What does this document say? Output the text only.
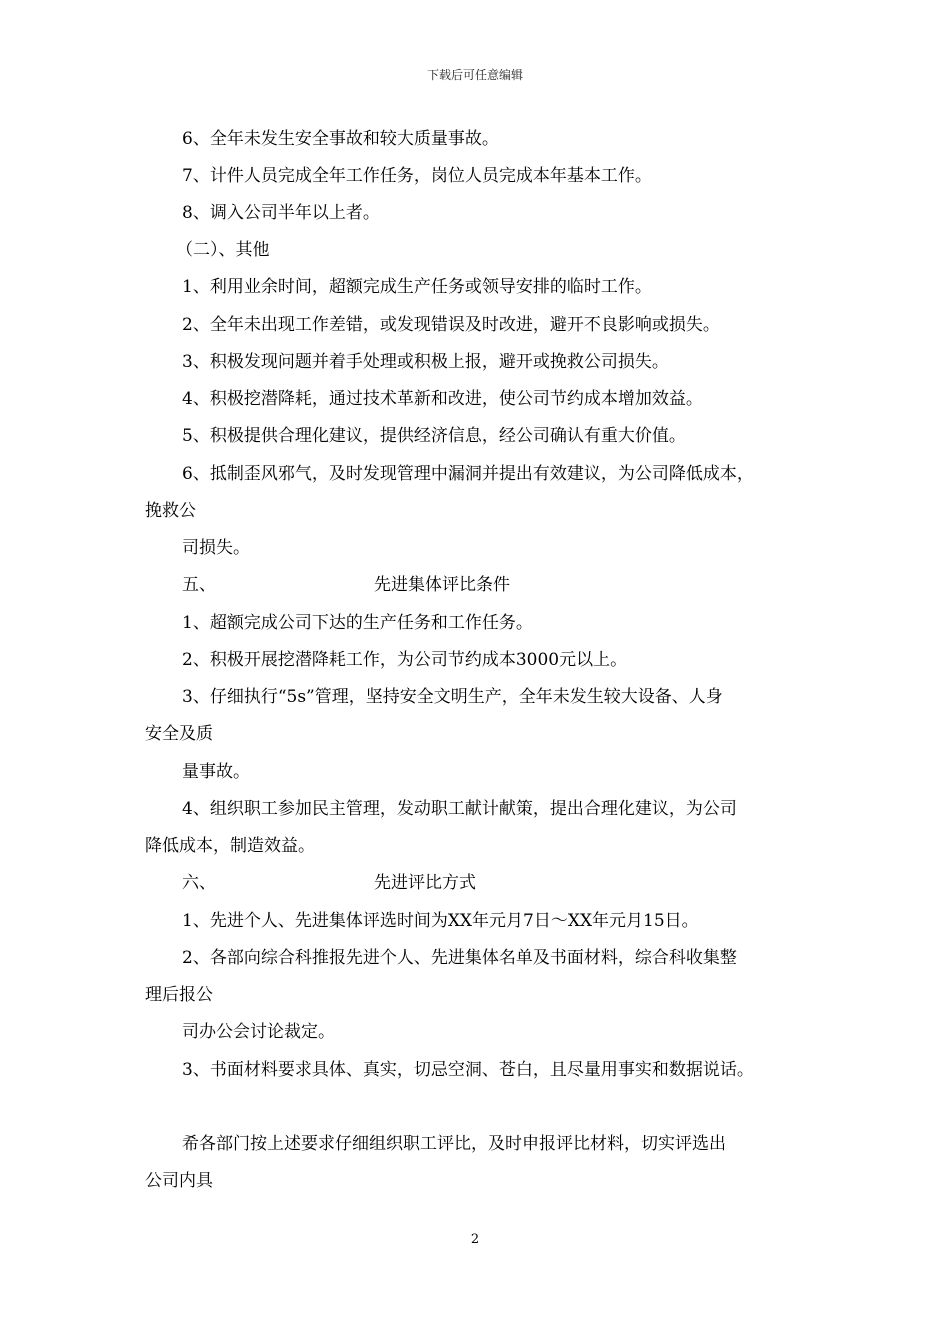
下载后可任意编辑
6、全年未发生安全事故和较大质量事故。
7、计件人员完成全年工作任务，岗位人员完成本年基本工作。
8、调入公司半年以上者。
（二）、其他
1、利用业余时间，超额完成生产任务或领导安排的临时工作。
2、全年未出现工作差错，或发现错误及时改进，避开不良影响或损失。
3、积极发现问题并着手处理或积极上报，避开或挽救公司损失。
4、积极挖潜降耗，通过技术革新和改进，使公司节约成本增加效益。
5、积极提供合理化建议，提供经济信息，经公司确认有重大价值。
6、抵制歪风邪气，及时发现管理中漏洞并提出有效建议，为公司降低成本，
挽救公
司损失。
五、	先进集体评比条件
1、超额完成公司下达的生产任务和工作任务。
2、积极开展挖潜降耗工作，为公司节约成本3000元以上。
3、仔细执行“5s”管理，坚持安全文明生产，全年未发生较大设备、人身
安全及质
量事故。
4、组织职工参加民主管理，发动职工献计献策，提出合理化建议，为公司
降低成本，制造效益。
六、	先进评比方式
1、先进个人、先进集体评选时间为XX年元月7日～XX年元月15日。
2、各部向综合科推报先进个人、先进集体名单及书面材料，综合科收集整
理后报公
司办公会讨论裁定。
3、书面材料要求具体、真实，切忌空洞、苍白，且尽量用事实和数据说话。
希各部门按上述要求仔细组织职工评比，及时申报评比材料，切实评选出
公司内具
2
